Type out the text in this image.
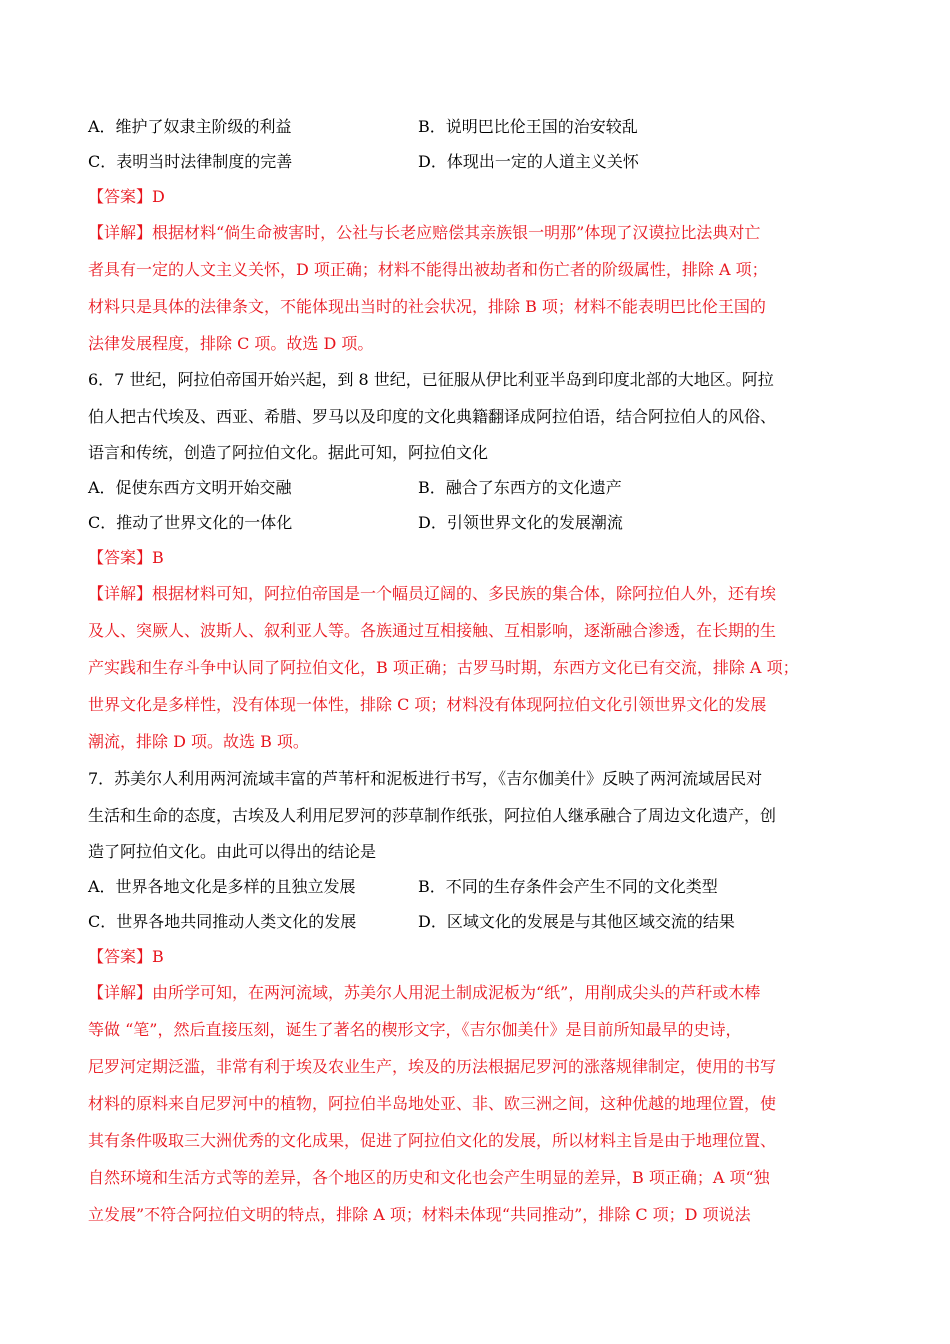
A．维护了奴隶主阶级的利益	B．说明巴比伦王国的治安较乱
C．表明当时法律制度的完善	D．体现出一定的人道主义关怀
【答案】D
【详解】根据材料“倘生命被害时，公社与长老应赔偿其亲族银一明那”体现了汉谟拉比法典对亡
者具有一定的人文主义关怀，D 项正确；材料不能得出被劫者和伤亡者的阶级属性，排除 A 项；
材料只是具体的法律条文，不能体现出当时的社会状况，排除 B 项；材料不能表明巴比伦王国的
法律发展程度，排除 C 项。故选 D 项。
6．7 世纪，阿拉伯帝国开始兴起，到 8 世纪，已征服从伊比利亚半岛到印度北部的大地区。阿拉
伯人把古代埃及、西亚、希腊、罗马以及印度的文化典籍翻译成阿拉伯语，结合阿拉伯人的风俗、
语言和传统，创造了阿拉伯文化。据此可知，阿拉伯文化
A．促使东西方文明开始交融	B．融合了东西方的文化遗产
C．推动了世界文化的一体化	D．引领世界文化的发展潮流
【答案】B
【详解】根据材料可知，阿拉伯帝国是一个幅员辽阔的、多民族的集合体，除阿拉伯人外，还有埃
及人、突厥人、波斯人、叙利亚人等。各族通过互相接触、互相影响，逐渐融合渗透，在长期的生
产实践和生存斗争中认同了阿拉伯文化，B 项正确；古罗马时期，东西方文化已有交流，排除 A 项；
世界文化是多样性，没有体现一体性，排除 C 项；材料没有体现阿拉伯文化引领世界文化的发展
潮流，排除 D 项。故选 B 项。
7．苏美尔人利用两河流域丰富的芦苇杆和泥板进行书写，《吉尔伽美什》反映了两河流域居民对
生活和生命的态度，古埃及人利用尼罗河的莎草制作纸张，阿拉伯人继承融合了周边文化遗产，创
造了阿拉伯文化。由此可以得出的结论是
A．世界各地文化是多样的且独立发展	B．不同的生存条件会产生不同的文化类型
C．世界各地共同推动人类文化的发展	D．区域文化的发展是与其他区域交流的结果
【答案】B
【详解】由所学可知，在两河流域，苏美尔人用泥土制成泥板为“纸”，用削成尖头的芦秆或木棒
等做 “笔”，然后直接压刻，诞生了著名的楔形文字，《吉尔伽美什》是目前所知最早的史诗，
尼罗河定期泛滥，非常有利于埃及农业生产，埃及的历法根据尼罗河的涨落规律制定，使用的书写
材料的原料来自尼罗河中的植物，阿拉伯半岛地处亚、非、欧三洲之间，这种优越的地理位置，使
其有条件吸取三大洲优秀的文化成果，促进了阿拉伯文化的发展，所以材料主旨是由于地理位置、
自然环境和生活方式等的差异，各个地区的历史和文化也会产生明显的差异，B 项正确；A 项“独
立发展”不符合阿拉伯文明的特点，排除 A 项；材料未体现“共同推动”，排除 C 项；D 项说法
